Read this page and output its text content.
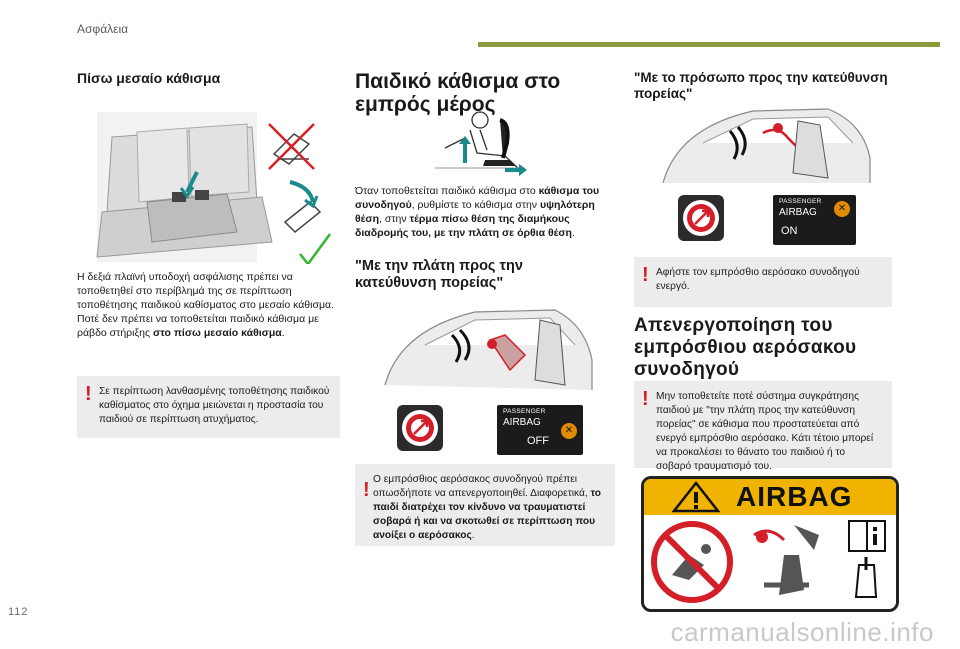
Ασφάλεια
Πίσω μεσαίο κάθισμα
Η δεξιά πλαϊνή υποδοχή ασφάλισης πρέπει να τοποθετηθεί στο περίβλημά της σε περίπτωση τοποθέτησης παιδικού καθίσματος στο μεσαίο κάθισμα.
Ποτέ δεν πρέπει να τοποθετείται παιδικό κάθισμα με ράβδο στήριξης στο πίσω μεσαίο κάθισμα.
! Σε περίπτωση λανθασμένης τοποθέτησης παιδικού καθίσματος στο όχημα μειώνεται η προστασία του παιδιού σε περίπτωση ατυχήματος.
Παιδικό κάθισμα στο
εμπρός μέρος
Όταν τοποθετείται παιδικό κάθισμα στο κάθισμα του συνοδηγού, ρυθμίστε το κάθισμα στην υψηλότερη θέση, στην τέρμα πίσω θέση της διαμήκους διαδρομής του, με την πλάτη σε όρθια θέση.
"Με την πλάτη προς την
κατεύθυνση πορείας"
PASSENGER
AIRBAG
OFF
✕
! Ο εμπρόσθιος αερόσακος συνοδηγού πρέπει οπωσδήποτε να απενεργοποιηθεί. Διαφορετικά, το παιδί διατρέχει τον κίνδυνο να τραυματιστεί σοβαρά ή και να σκοτωθεί σε περίπτωση που ανοίξει ο αερόσακος.
"Με το πρόσωπο προς την κατεύθυνση
πορείας"
PASSENGER
AIRBAG
ON
✕
! Αφήστε τον εμπρόσθιο αερόσακο συνοδηγού ενεργό.
Απενεργοποίηση του
εμπρόσθιου αερόσακου
συνοδηγού
! Μην τοποθετείτε ποτέ σύστημα συγκράτησης παιδιού με "την πλάτη προς την κατεύθυνση πορείας" σε κάθισμα που προστατεύεται από ενεργό εμπρόσθιο αερόσακο. Κάτι τέτοιο μπορεί να προκαλέσει το θάνατο του παιδιού ή το σοβαρό τραυματισμό του.
AIRBAG
112
carmanualsonline.info
